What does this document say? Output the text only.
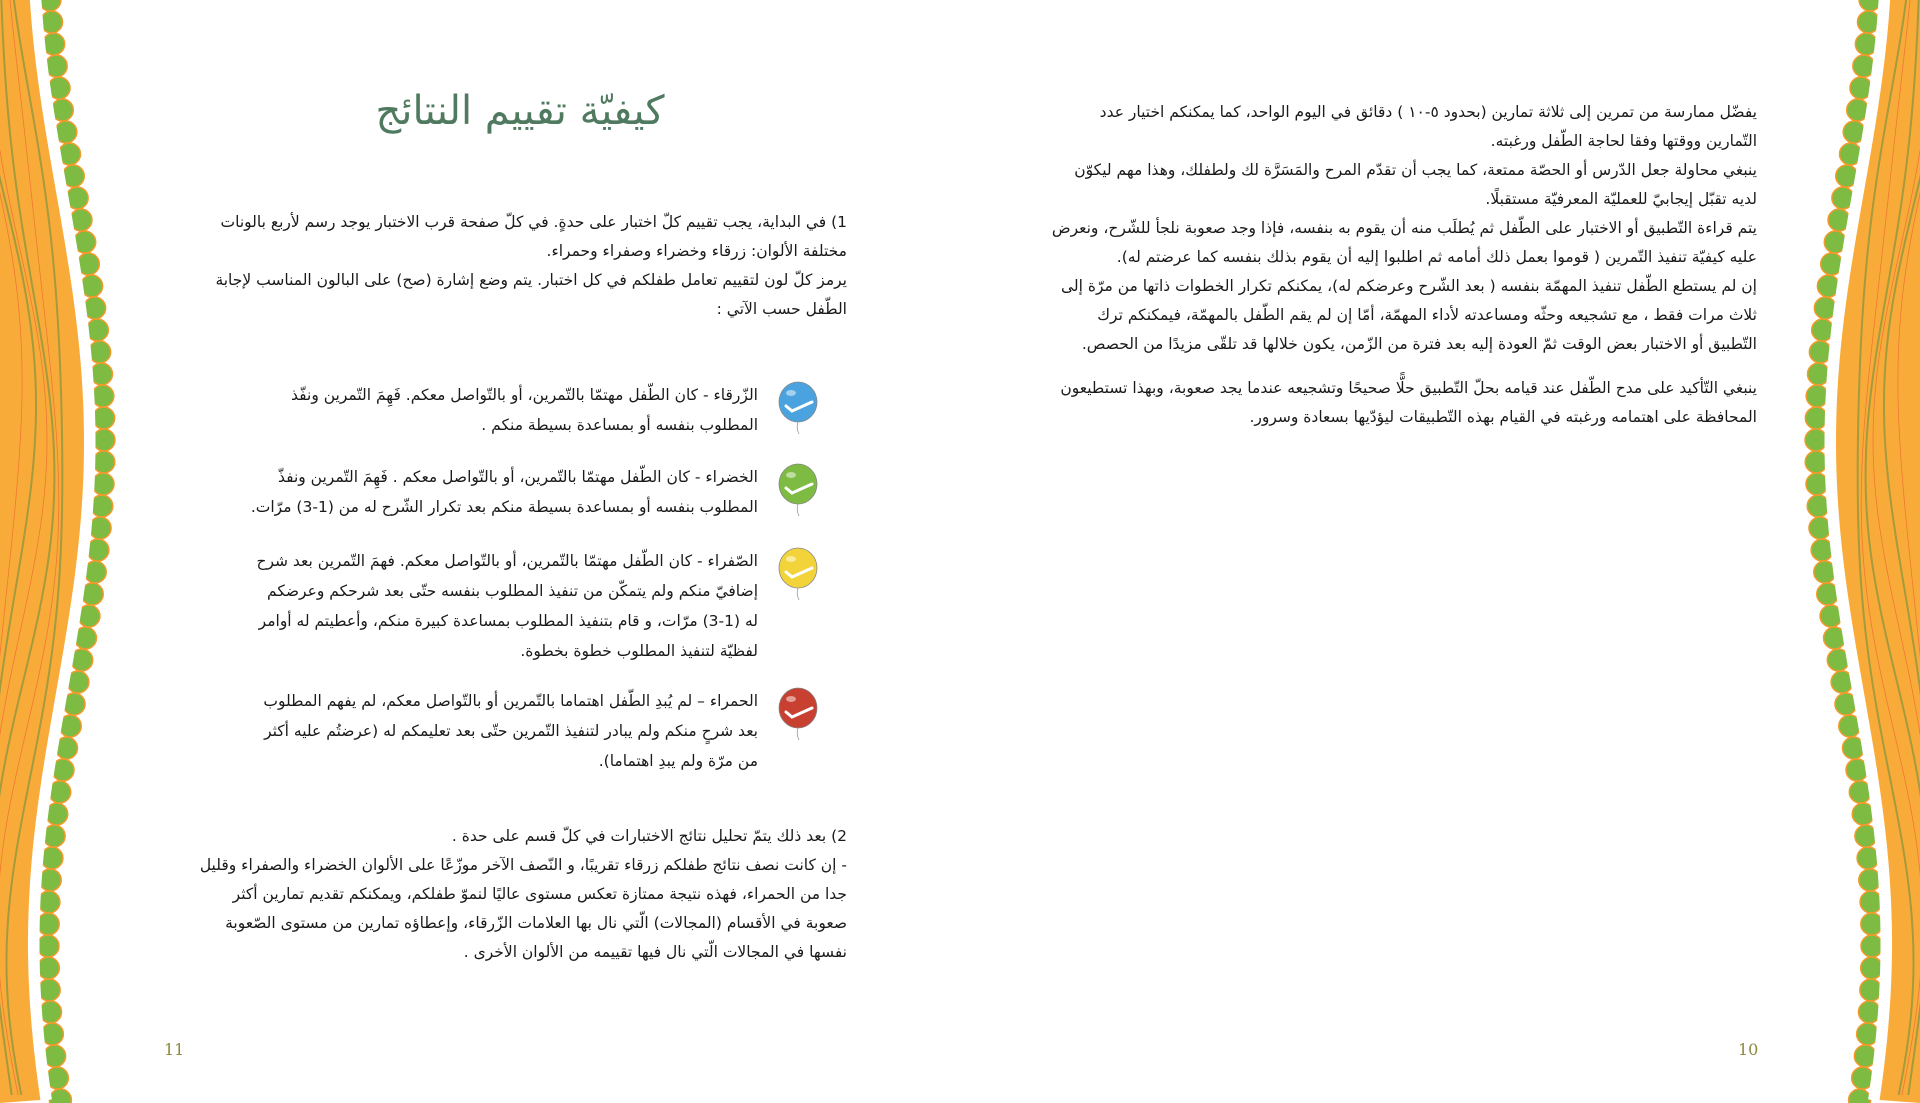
كيفيّة تقييم النتائج

1) في البداية، يجب تقييم كلّ اختبار على حدةٍ. في كلّ صفحة قرب الاختبار يوجد رسم لأربع بالونات مختلفة الألوان: زرقاء وخضراء وصفراء وحمراء.

يرمز كلّ لون لتقييم تعامل طفلكم في كل اختبار. يتم وضع إشارة (صح) على البالون المناسب لإجابة الطّفل حسب الآتي :

الزّرقاء - كان الطّفل مهتمّا بالتّمرين، أو بالتّواصل معكم. فَهِمَ التّمرين ونفّذ المطلوب بنفسه أو بمساعدة بسيطة منكم .
الخضراء - كان الطّفل مهتمّا بالتّمرين، أو بالتّواصل معكم . فَهِمَ التّمرين ونفذّ المطلوب بنفسه أو بمساعدة بسيطة منكم بعد تكرار الشّرح له من (1-3) مرّات.
الصّفراء - كان الطّفل مهتمّا بالتّمرين، أو بالتّواصل معكم. فهمَ التّمرين بعد شرح إضافيّ منكم ولم يتمكّن من تنفيذ المطلوب بنفسه حتّى بعد شرحكم وعرضكم له (1-3) مرّات، و قام بتنفيذ المطلوب بمساعدة كبيرة منكم، وأعطيتم له أوامر لفظيّة لتنفيذ المطلوب خطوة بخطوة.
الحمراء – لم يُبدِ الطّفل اهتماما بالتّمرين أو بالتّواصل معكم، لم يفهم المطلوب بعد شرحٍ منكم ولم يبادر لتنفيذ التّمرين حتّى بعد تعليمكم له (عرضتُم عليه أكثر من مرّة ولم يبدِ اهتماما).

2) بعد ذلك يتمّ تحليل نتائج الاختبارات في كلّ قسم على حدة .

- إن كانت نصف نتائج طفلكم زرقاء تقريبًا، و النّصف الآخر موزّعًا على الألوان الخضراء والصفراء وقليل جدا من الحمراء، فهذه نتيجة ممتازة تعكس مستوى عاليًا لنموّ طفلكم، ويمكنكم تقديم تمارين أكثر صعوبة في الأقسام (المجالات) الّتي نال بها العلامات الزّرقاء، وإعطاؤه تمارين من مستوى الصّعوبة نفسها في المجالات الّتي نال فيها تقييمه من الألوان الأخرى .

11

يفضّل ممارسة من تمرين إلى ثلاثة تمارين (بحدود ٥-١٠ ) دقائق في اليوم الواحد، كما يمكنكم اختيار عدد التّمارين ووقتها وفقا لحاجة الطّفل ورغبته.

ينبغي محاولة جعل الدّرس أو الحصّة ممتعة، كما يجب أن تقدّم المرح والمَسَرَّة لك ولطفلك، وهذا مهم ليكوّن لديه تقبّل إيجابيّ للعمليّة المعرفيّة مستقبلًا.

يتم قراءة التّطبيق أو الاختبار على الطّفل ثم يُطلَب منه أن يقوم به بنفسه، فإذا وجد صعوبة نلجأ للشّرح، ونعرض عليه كيفيّة تنفيذ التّمرين ( قوموا بعمل ذلك أمامه ثم اطلبوا إليه أن يقوم بذلك بنفسه كما عرضتم له).

إن لم يستطع الطّفل تنفيذ المهمّة بنفسه ( بعد الشّرح وعرضكم له)، يمكنكم تكرار الخطوات ذاتها من مرّة إلى ثلاث مرات فقط ، مع تشجيعه وحثّه ومساعدته لأداء المهمّة، أمّا إن لم يقم الطّفل بالمهمّة، فيمكنكم ترك التّطبيق أو الاختبار بعض الوقت ثمّ العودة إليه بعد فترة من الزّمن، يكون خلالها قد تلقّى مزيدًا من الحصص.

ينبغي التّأكيد على مدح الطّفل عند قيامه بحلّ التّطبيق حلًّا صحيحًا وتشجيعه عندما يجد صعوبة، وبهذا تستطيعون المحافظة على اهتمامه ورغبته في القيام بهذه التّطبيقات ليؤدّيها بسعادة وسرور.
10
